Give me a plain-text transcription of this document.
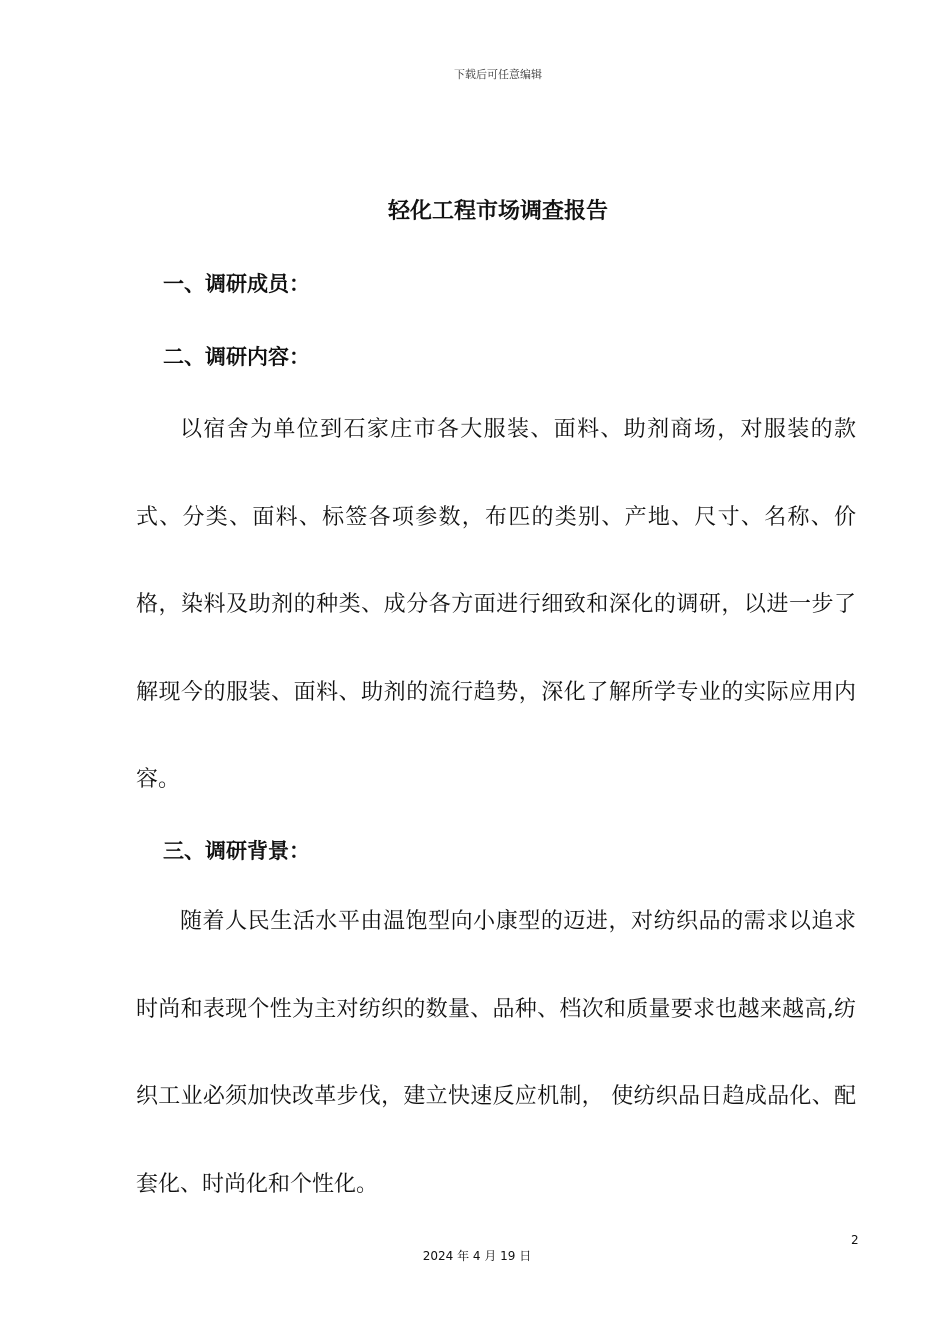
下载后可任意编辑
轻化工程市场调查报告
一、调研成员：
二、调研内容：

以宿舍为单位到石家庄市各大服装、面料、助剂商场，对服装的款式、分类、面料、标签各项参数，布匹的类别、产地、尺寸、名称、价格，染料及助剂的种类、成分各方面进行细致和深化的调研，以进一步了解现今的服装、面料、助剂的流行趋势，深化了解所学专业的实际应用内容。

三、调研背景：

随着人民生活水平由温饱型向小康型的迈进，对纺织品的需求以追求时尚和表现个性为主对纺织的数量、品种、档次和质量要求也越来越高,纺织工业必须加快改革步伐，建立快速反应机制， 使纺织品日趋成品化、配套化、时尚化和个性化。

2
2024 年 4 月 19 日
